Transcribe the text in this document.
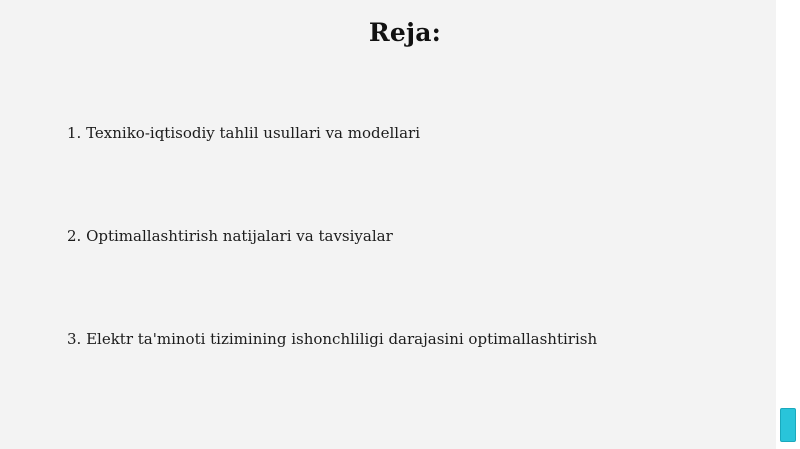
Reja:
1. Texniko-iqtisodiy tahlil usullari va modellari
2. Optimallashtirish natijalari va tavsiyalar
3. Elektr ta'minoti tizimining ishonchliligi darajasini optimallashtirish
